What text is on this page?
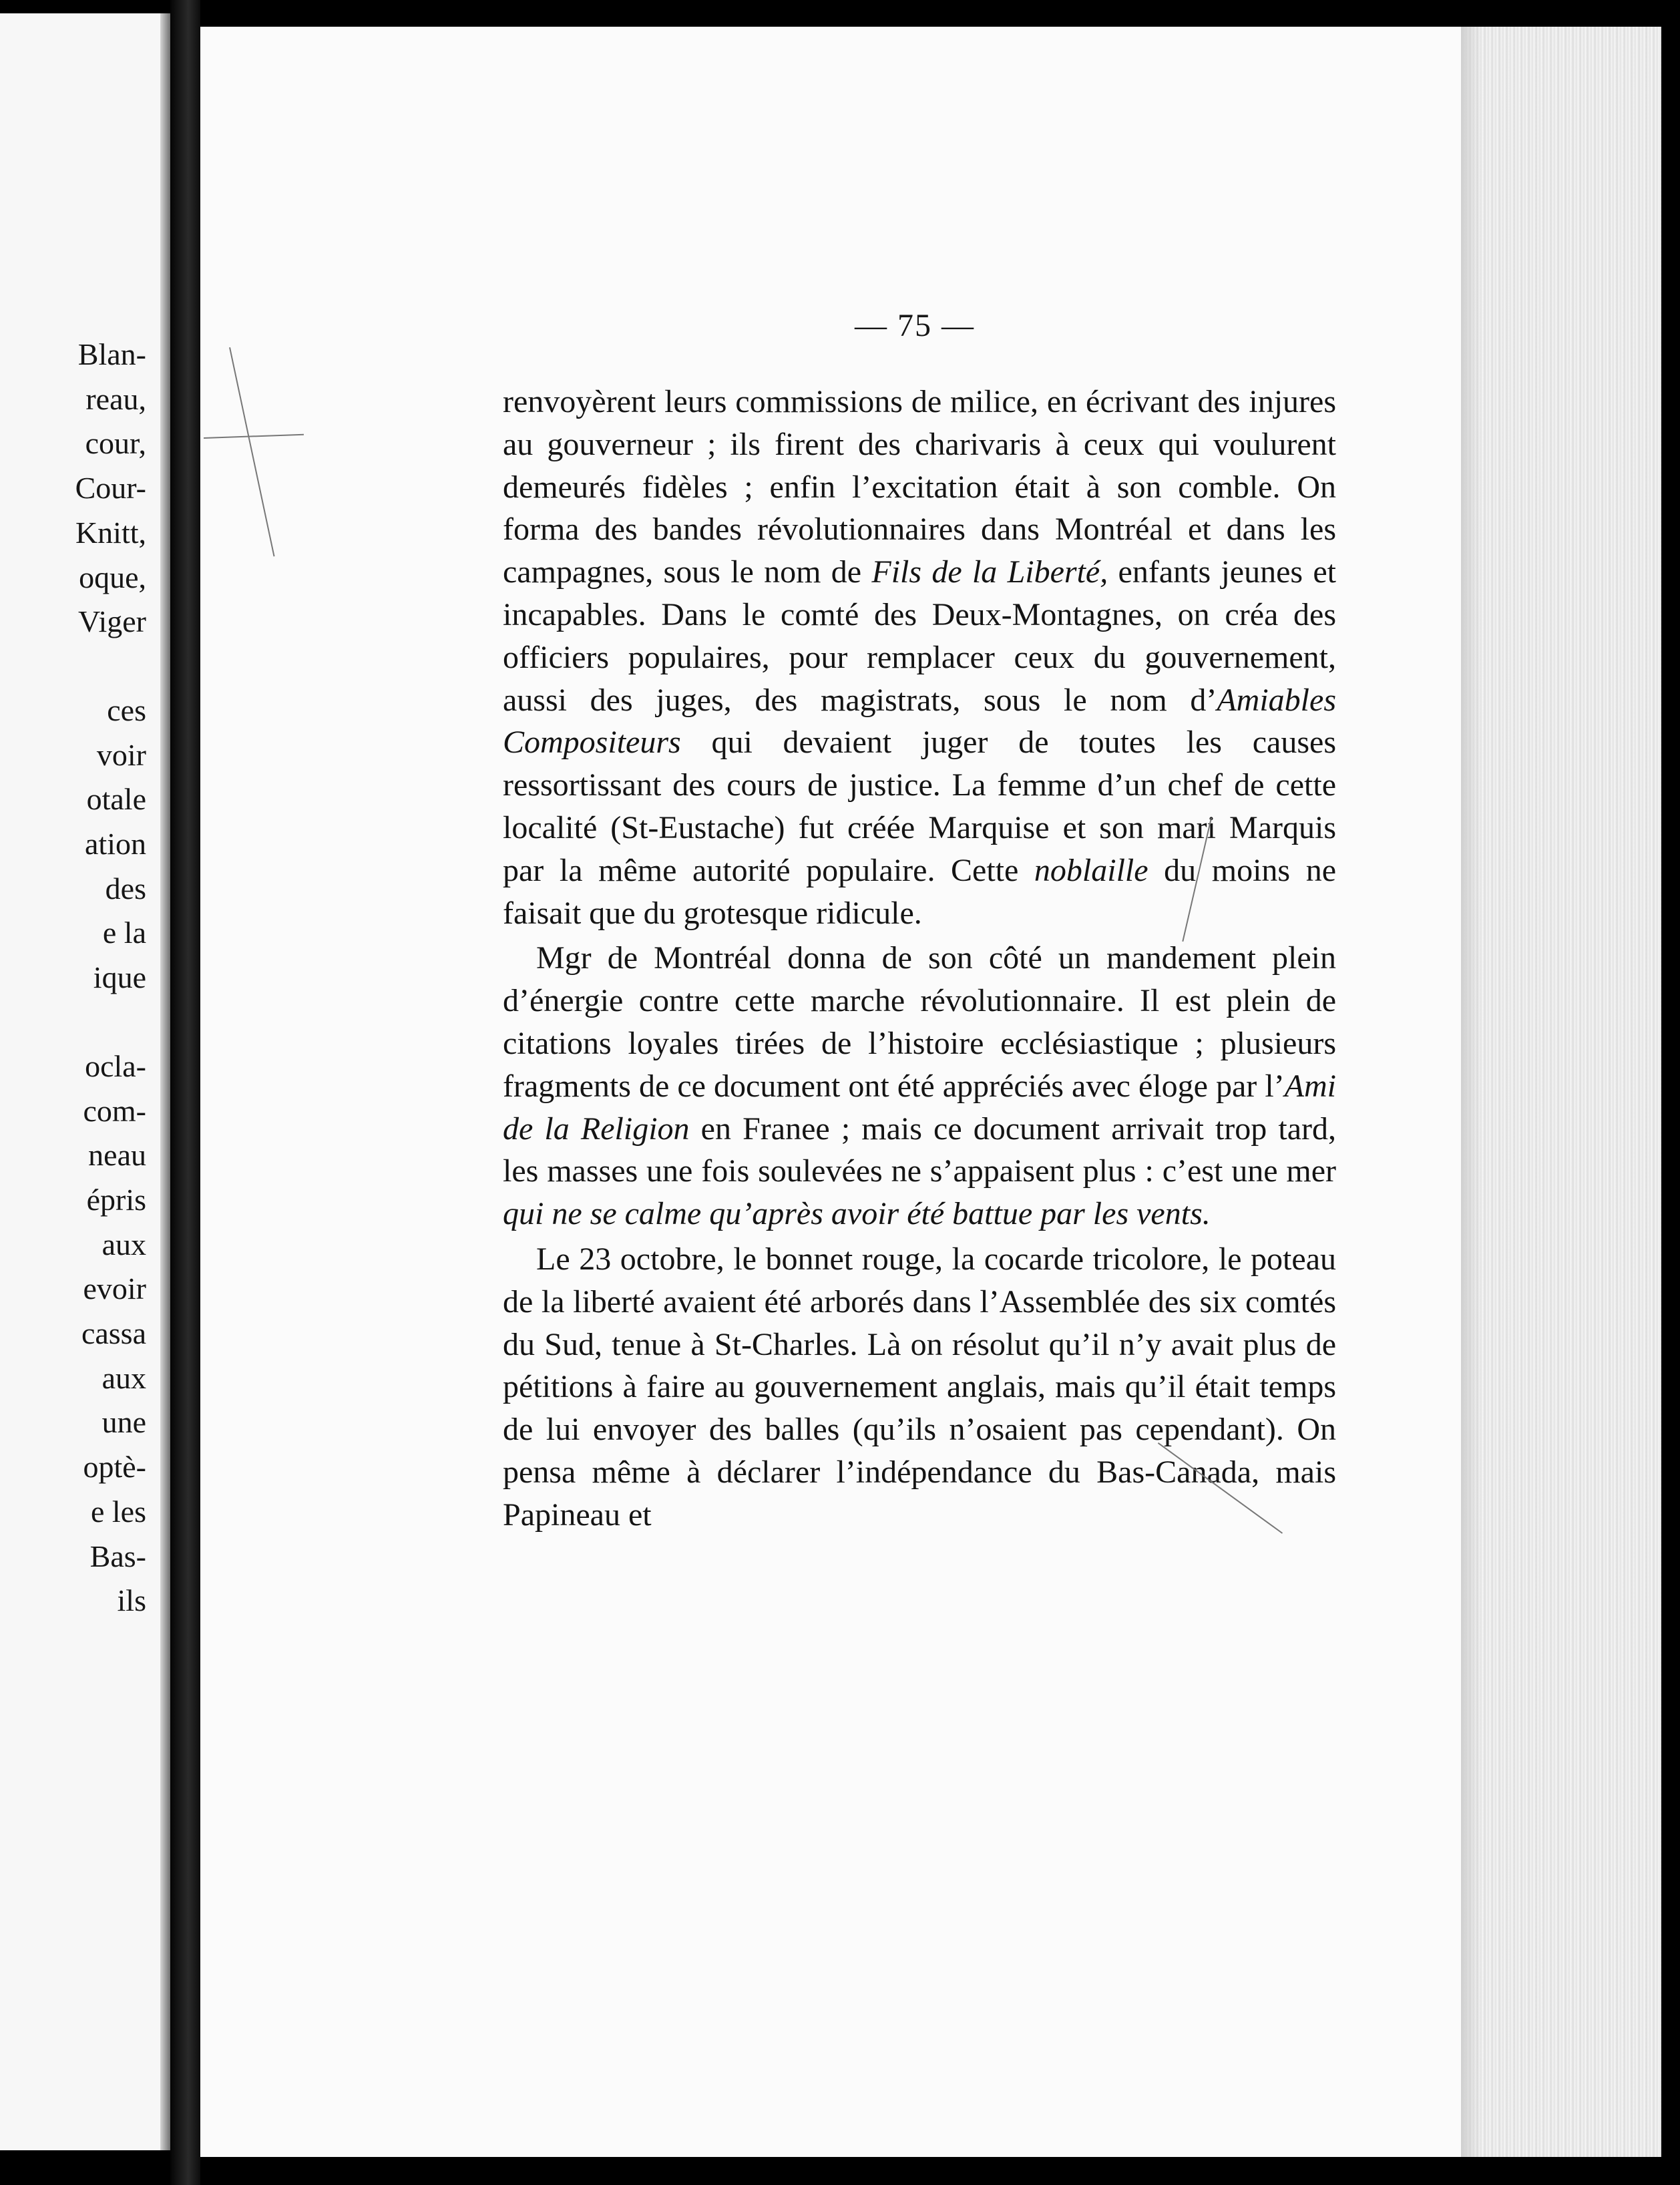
Blan-
reau,
cour,
Cour-
Knitt,
oque,
Viger
ces
voir
otale
ation
des
e la
ique
ocla-
com-
neau
épris
aux
evoir
cassa
aux
une
optè-
e les
Bas-
ils
— 75 —

renvoyèrent leurs commissions de milice, en écrivant des injures au gouverneur ; ils firent des charivaris à ceux qui voulurent demeurés fidèles ; enfin l’excitation était à son comble. On forma des bandes révolutionnaires dans Montréal et dans les campagnes, sous le nom de Fils de la Liberté, enfants jeunes et incapables. Dans le comté des Deux-Montagnes, on créa des officiers populaires, pour remplacer ceux du gouvernement, aussi des juges, des magistrats, sous le nom d’Amiables Compositeurs qui devaient juger de toutes les causes ressortissant des cours de justice. La femme d’un chef de cette localité (St-Eustache) fut créée Marquise et son mari Marquis par la même autorité populaire. Cette noblaille du moins ne faisait que du grotesque ridicule.

Mgr de Montréal donna de son côté un mandement plein d’énergie contre cette marche révolutionnaire. Il est plein de citations loyales tirées de l’histoire ecclésiastique ; plusieurs fragments de ce document ont été appréciés avec éloge par l’Ami de la Religion en Franee ; mais ce document arrivait trop tard, les masses une fois soulevées ne s’appaisent plus : c’est une mer qui ne se calme qu’après avoir été battue par les vents.

Le 23 octobre, le bonnet rouge, la cocarde tricolore, le poteau de la liberté avaient été arborés dans l’Assemblée des six comtés du Sud, tenue à St-Charles. Là on résolut qu’il n’y avait plus de pétitions à faire au gouvernement anglais, mais qu’il était temps de lui envoyer des balles (qu’ils n’osaient pas cependant). On pensa même à déclarer l’indépendance du Bas-Canada, mais Papineau et
